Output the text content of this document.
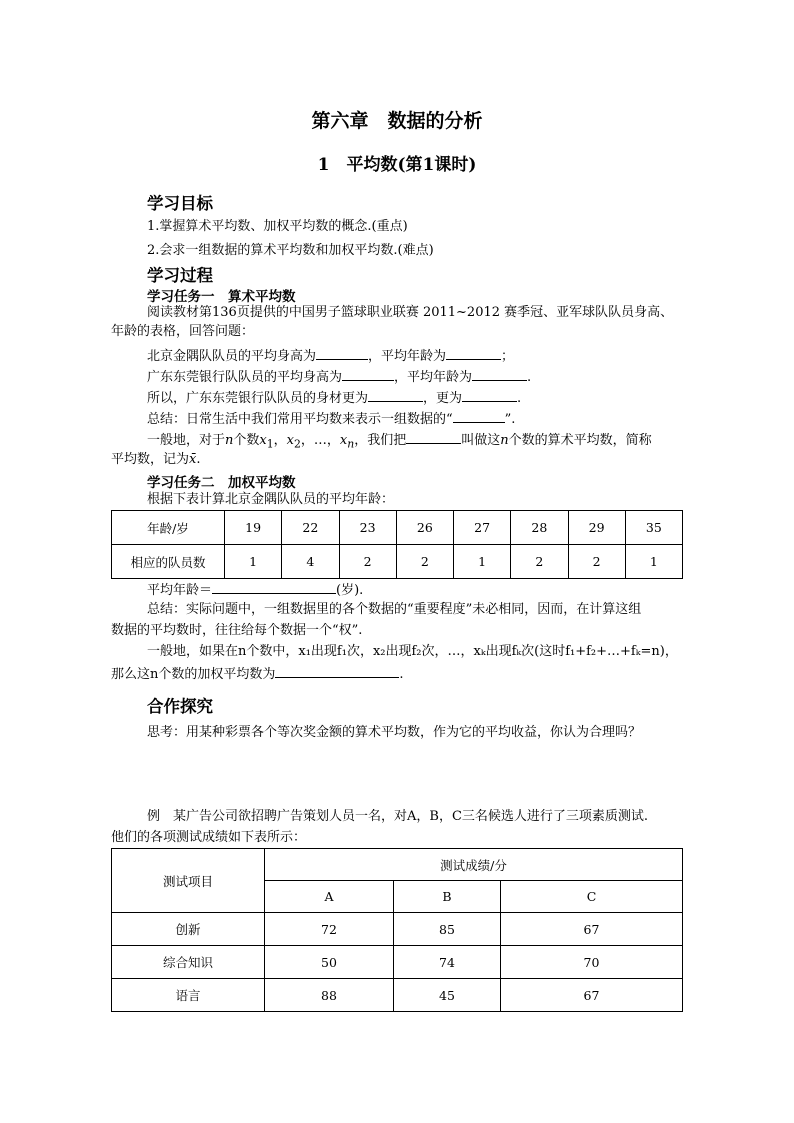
第六章　数据的分析
1　平均数(第1课时)
学习目标
1.掌握算术平均数、加权平均数的概念.(重点)
2.会求一组数据的算术平均数和加权平均数.(难点)
学习过程
学习任务一　算术平均数
阅读教材第136页提供的中国男子篮球职业联赛 2011~2012 赛季冠、亚军球队队员身高、
年龄的表格，回答问题：
北京金隅队队员的平均身高为	，平均年龄为	；
广东东莞银行队队员的平均身高为	，平均年龄为	.
所以，广东东莞银行队队员的身材更为	，更为	.
总结：日常生活中我们常用平均数来表示一组数据的“	”.
一般地，对于n个数$x_1$，$x_2$，…，$x_n$，我们把	叫做这n个数的算术平均数，简称
平均数，记为x̄.
学习任务二　加权平均数
根据下表计算北京金隅队队员的平均年龄：
年龄/岁	19	22	23	26	27	28	29	35
相应的队员数	1	4	2	2	1	2	2	1
平均年龄＝	(岁).
总结：实际问题中，一组数据里的各个数据的“重要程度”未必相同，因而，在计算这组
数据的平均数时，往往给每个数据一个“权”.
一般地，如果在n个数中，x₁出现f₁次，x₂出现f₂次，…，xₖ出现fₖ次(这时f₁+f₂+…+fₖ=n)，
那么这n个数的加权平均数为	.
合作探究
思考：用某种彩票各个等次奖金额的算术平均数，作为它的平均收益，你认为合理吗？
例　某广告公司欲招聘广告策划人员一名，对A，B，C三名候选人进行了三项素质测试.
他们的各项测试成绩如下表所示：
测试项目	测试成绩/分		
	A	B	C
创新	72	85	67
综合知识	50	74	70
语言	88	45	67
